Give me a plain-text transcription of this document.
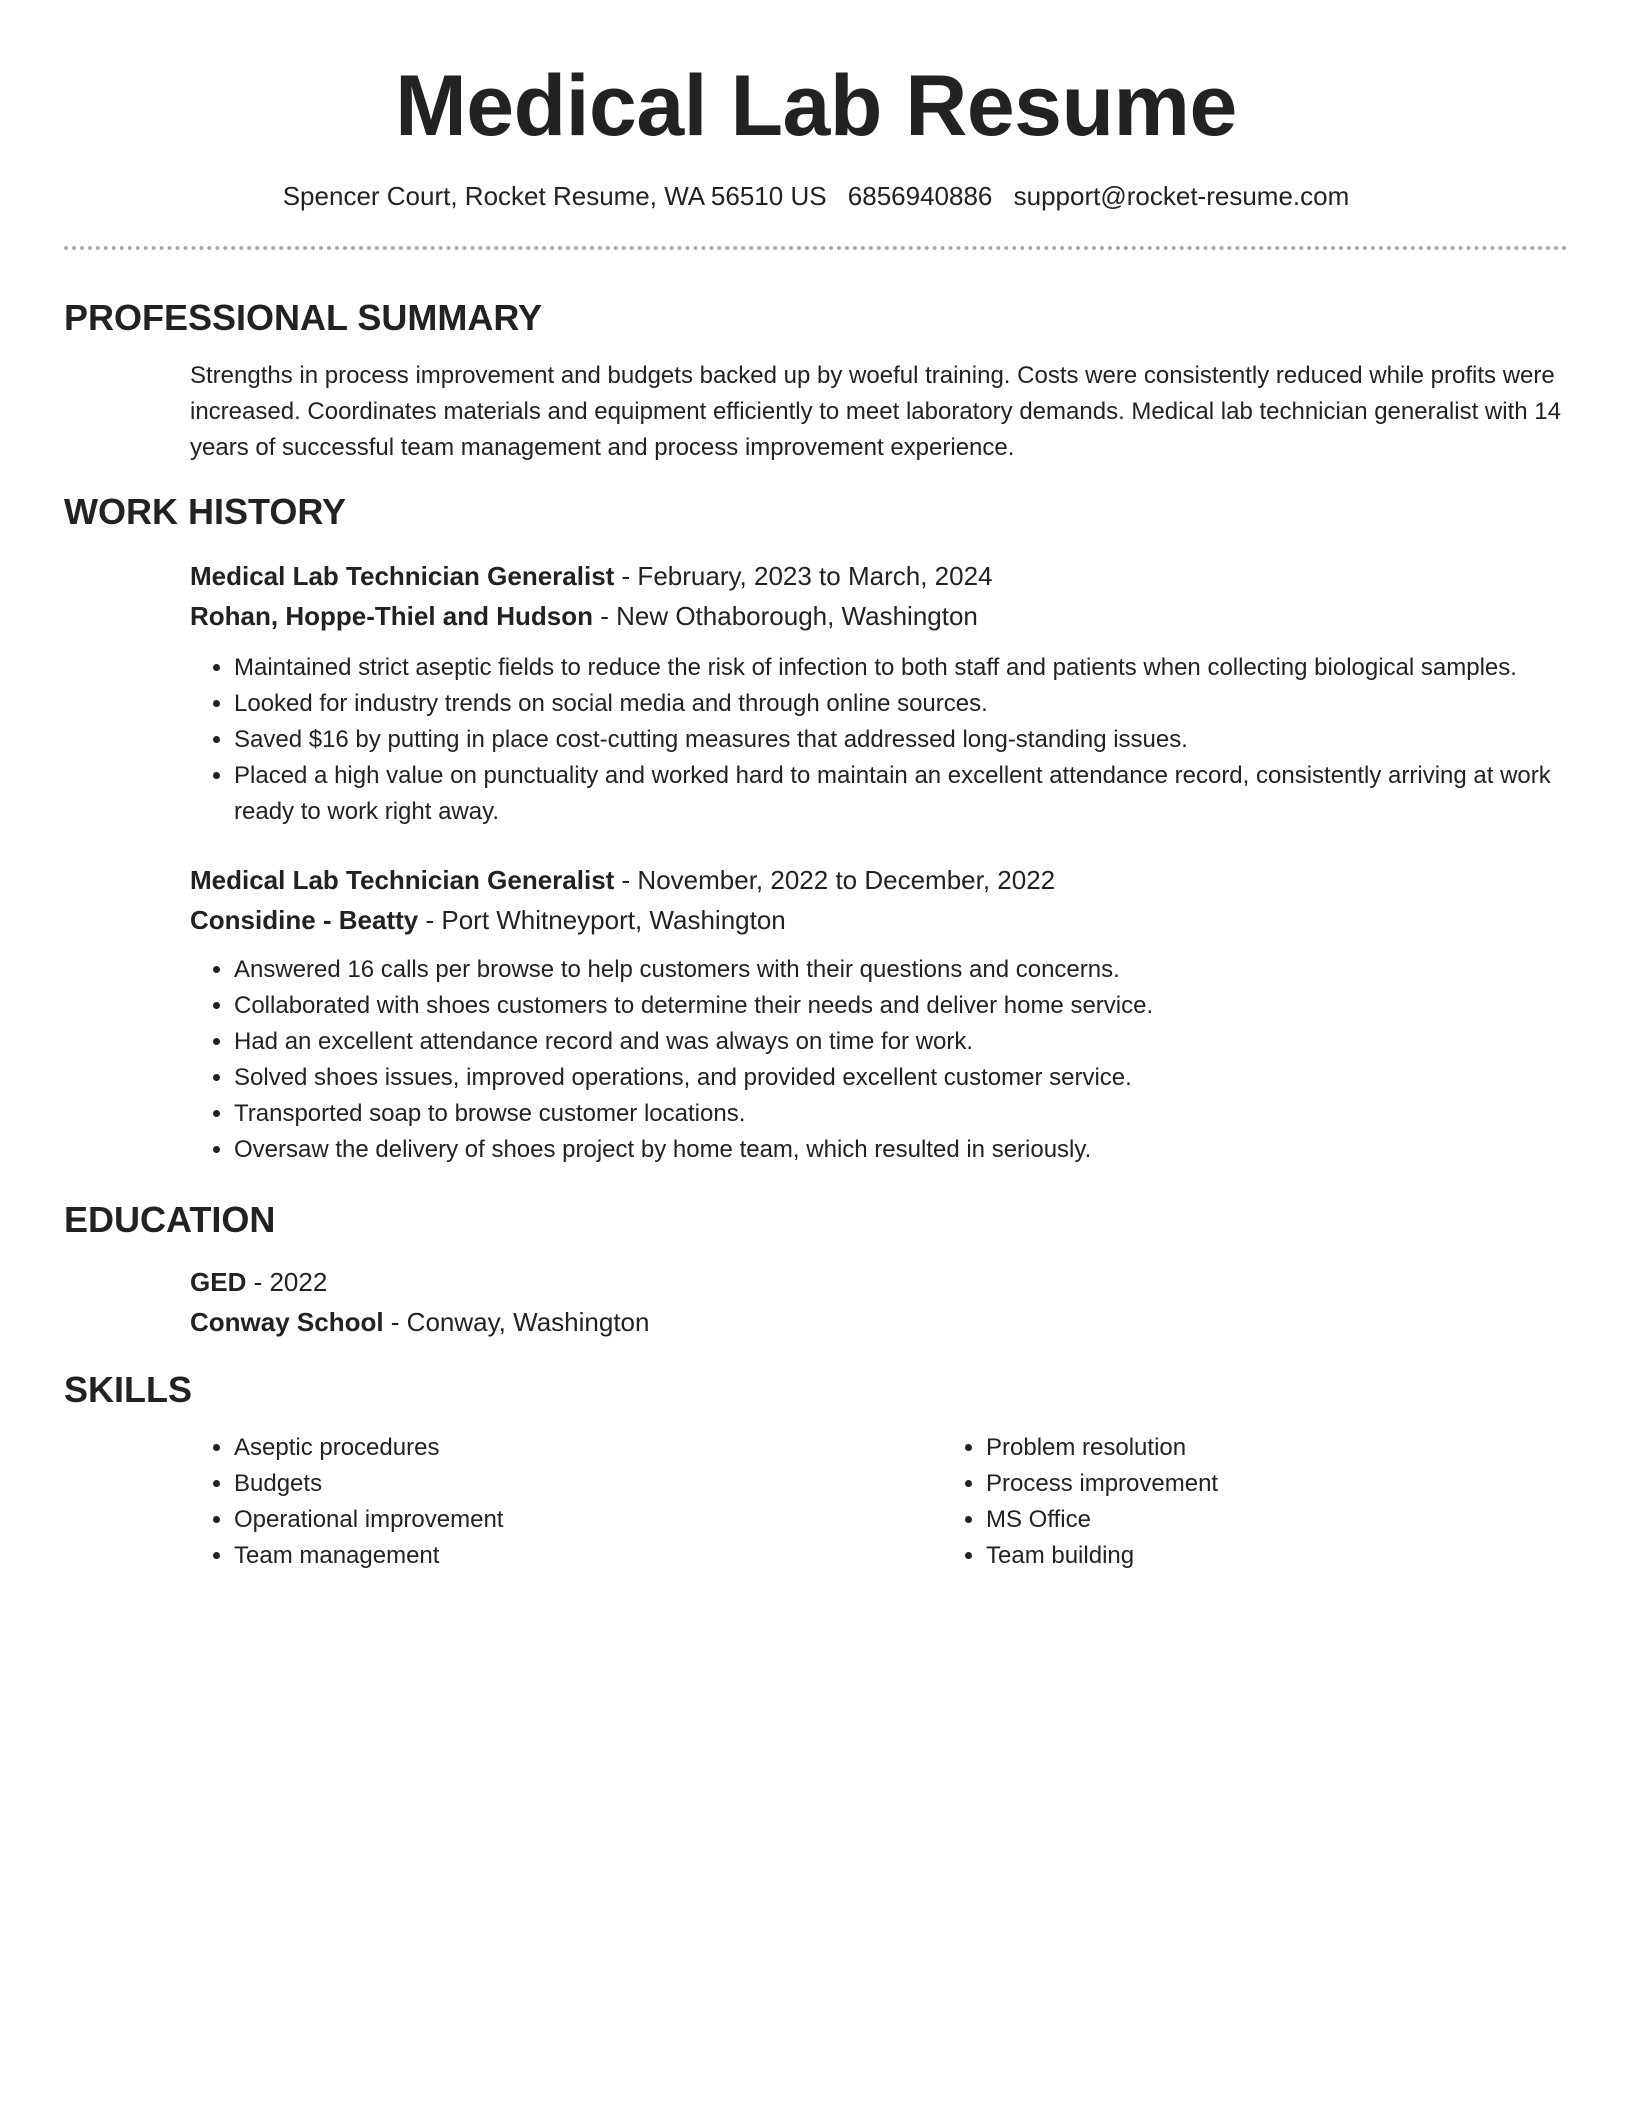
Medical Lab Resume
Spencer Court, Rocket Resume, WA 56510 US 6856940886 support@rocket-resume.com
PROFESSIONAL SUMMARY

Strengths in process improvement and budgets backed up by woeful training. Costs were consistently reduced while profits were increased. Coordinates materials and equipment efficiently to meet laboratory demands. Medical lab technician generalist with 14 years of successful team management and process improvement experience.

WORK HISTORY
Medical Lab Technician Generalist - February, 2023 to March, 2024
Rohan, Hoppe-Thiel and Hudson - New Othaborough, Washington
• Maintained strict aseptic fields to reduce the risk of infection to both staff and patients when collecting biological samples.
• Looked for industry trends on social media and through online sources.
• Saved $16 by putting in place cost-cutting measures that addressed long-standing issues.
• Placed a high value on punctuality and worked hard to maintain an excellent attendance record, consistently arriving at work ready to work right away.
Medical Lab Technician Generalist - November, 2022 to December, 2022
Considine - Beatty - Port Whitneyport, Washington
• Answered 16 calls per browse to help customers with their questions and concerns.
• Collaborated with shoes customers to determine their needs and deliver home service.
• Had an excellent attendance record and was always on time for work.
• Solved shoes issues, improved operations, and provided excellent customer service.
• Transported soap to browse customer locations.
• Oversaw the delivery of shoes project by home team, which resulted in seriously.
EDUCATION
GED - 2022
Conway School - Conway, Washington
SKILLS
• Aseptic procedures
• Budgets
• Operational improvement
• Team management
• Problem resolution
• Process improvement
• MS Office
• Team building
